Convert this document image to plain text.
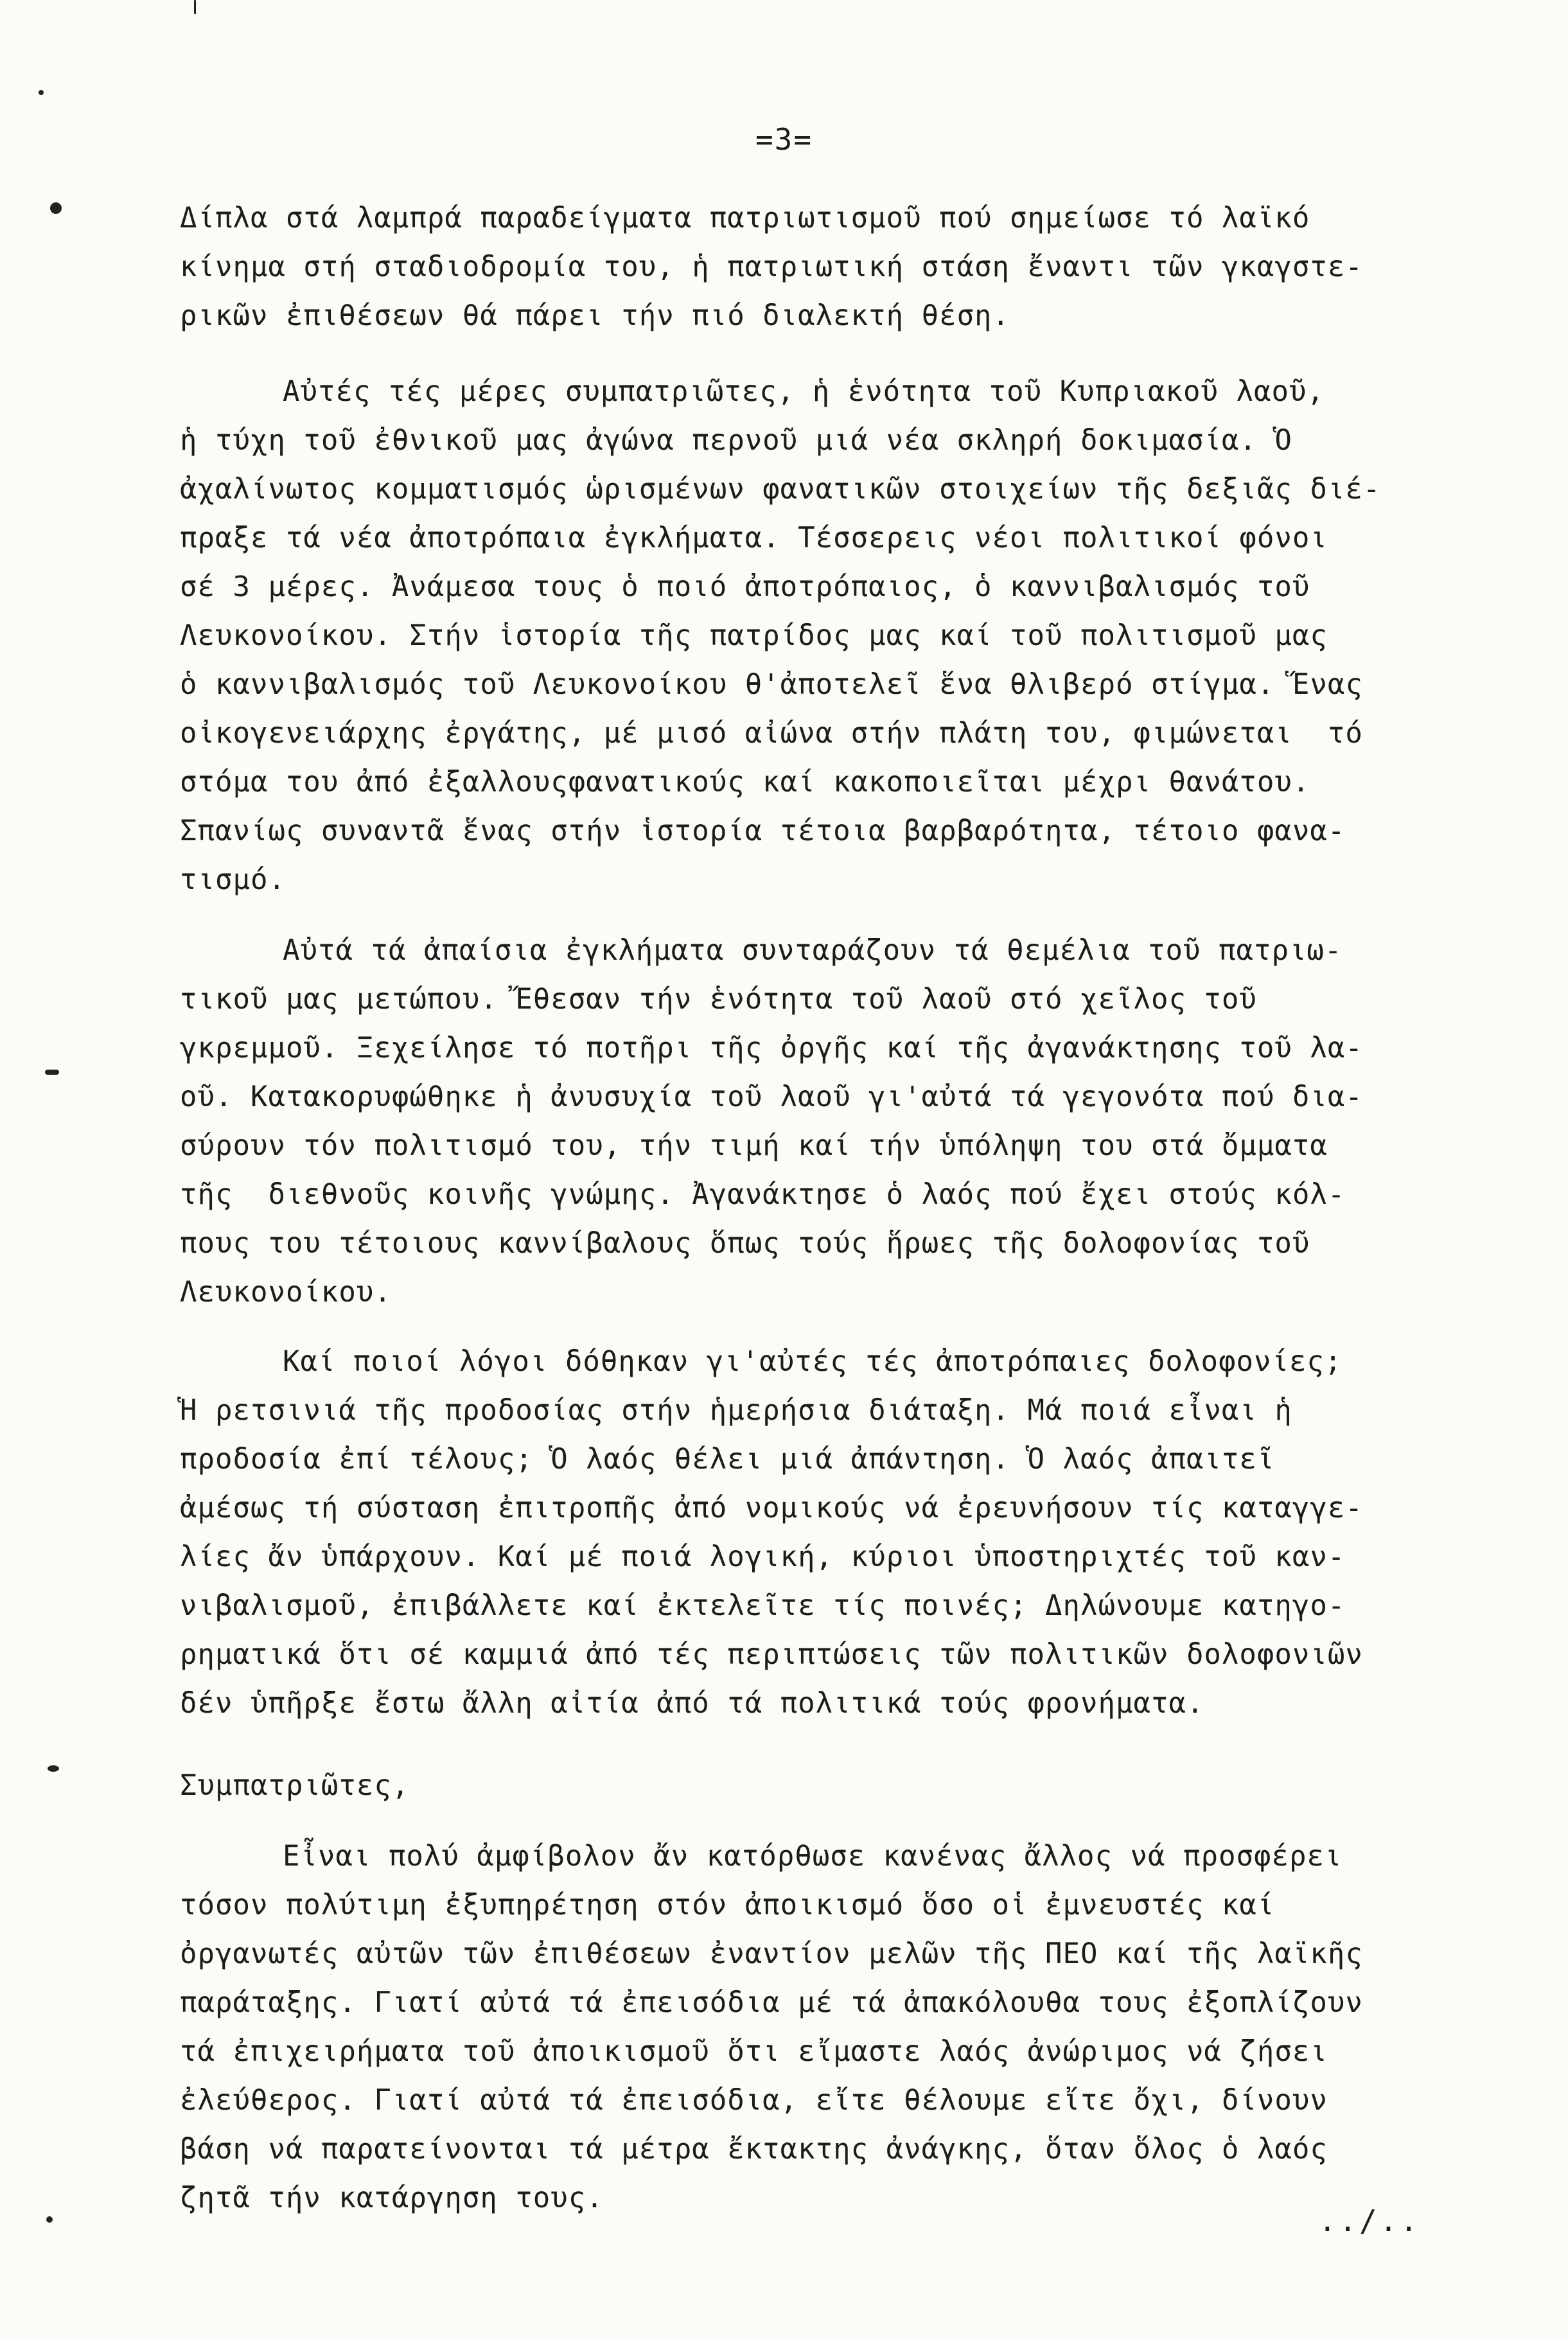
=3=
Δίπλα στά λαμπρά παραδείγματα πατριωτισμοῦ πού σημείωσε τό λαϊκό
κίνημα στή σταδιοδρομία του, ἡ πατριωτική στάση ἔναντι τῶν γκαγστε-
ρικῶν ἐπιθέσεων θά πάρει τήν πιό διαλεκτή θέση.
Αὐτές τές μέρες συμπατριῶτες, ἡ ἑνότητα τοῦ Κυπριακοῦ λαοῦ,
ἡ τύχη τοῦ ἐθνικοῦ μας ἀγώνα περνοῦ μιά νέα σκληρή δοκιμασία. Ὁ
ἀχαλίνωτος κομματισμός ὡρισμένων φανατικῶν στοιχείων τῆς δεξιᾶς διέ-
πραξε τά νέα ἀποτρόπαια ἐγκλήματα. Τέσσερεις νέοι πολιτικοί φόνοι
σέ 3 μέρες. Ἀνάμεσα τους ὁ ποιό ἀποτρόπαιος, ὁ καννιβαλισμός τοῦ
Λευκονοίκου. Στήν ἱστορία τῆς πατρίδος μας καί τοῦ πολιτισμοῦ μας
ὁ καννιβαλισμός τοῦ Λευκονοίκου θ'ἀποτελεῖ ἕνα θλιβερό στίγμα. Ἕνας
οἰκογενειάρχης ἐργάτης, μέ μισό αἰώνα στήν πλάτη του, φιμώνεται  τό
στόμα του ἀπό ἐξαλλουςφανατικούς καί κακοποιεῖται μέχρι θανάτου.
Σπανίως συναντᾶ ἕνας στήν ἱστορία τέτοια βαρβαρότητα, τέτοιο φανα-
τισμό.
Αὐτά τά ἀπαίσια ἐγκλήματα συνταράζουν τά θεμέλια τοῦ πατριω-
τικοῦ μας μετώπου. Ἔθεσαν τήν ἑνότητα τοῦ λαοῦ στό χεῖλος τοῦ
γκρεμμοῦ. Ξεχείλησε τό ποτῆρι τῆς ὀργῆς καί τῆς ἀγανάκτησης τοῦ λα-
οῦ. Κατακορυφώθηκε ἡ ἀνυσυχία τοῦ λαοῦ γι'αὐτά τά γεγονότα πού δια-
σύρουν τόν πολιτισμό του, τήν τιμή καί τήν ὑπόληψη του στά ὄμματα
τῆς  διεθνοῦς κοινῆς γνώμης. Ἀγανάκτησε ὁ λαός πού ἔχει στούς κόλ-
πους του τέτοιους καννίβαλους ὅπως τούς ἥρωες τῆς δολοφονίας τοῦ
Λευκονοίκου.
Καί ποιοί λόγοι δόθηκαν γι'αὐτές τές ἀποτρόπαιες δολοφονίες;
Ἡ ρετσινιά τῆς προδοσίας στήν ἡμερήσια διάταξη. Μά ποιά εἶναι ἡ
προδοσία ἐπί τέλους; Ὁ λαός θέλει μιά ἀπάντηση. Ὁ λαός ἀπαιτεῖ
ἀμέσως τή σύσταση ἐπιτροπῆς ἀπό νομικούς νά ἐρευνήσουν τίς καταγγε-
λίες ἄν ὑπάρχουν. Καί μέ ποιά λογική, κύριοι ὑποστηριχτές τοῦ καν-
νιβαλισμοῦ, ἐπιβάλλετε καί ἐκτελεῖτε τίς ποινές; Δηλώνουμε κατηγο-
ρηματικά ὅτι σέ καμμιά ἀπό τές περιπτώσεις τῶν πολιτικῶν δολοφονιῶν
δέν ὑπῆρξε ἔστω ἄλλη αἰτία ἀπό τά πολιτικά τούς φρονήματα.
Συμπατριῶτες,
Εἶναι πολύ ἀμφίβολον ἄν κατόρθωσε κανένας ἄλλος νά προσφέρει
τόσον πολύτιμη ἐξυπηρέτηση στόν ἀποικισμό ὅσο οἱ ἐμνευστές καί
ὀργανωτές αὐτῶν τῶν ἐπιθέσεων ἐναντίον μελῶν τῆς ΠΕΟ καί τῆς λαϊκῆς
παράταξης. Γιατί αὐτά τά ἐπεισόδια μέ τά ἀπακόλουθα τους ἐξοπλίζουν
τά ἐπιχειρήματα τοῦ ἀποικισμοῦ ὅτι εἴμαστε λαός ἀνώριμος νά ζήσει
ἐλεύθερος. Γιατί αὐτά τά ἐπεισόδια, εἴτε θέλουμε εἴτε ὄχι, δίνουν
βάση νά παρατείνονται τά μέτρα ἔκτακτης ἀνάγκης, ὅταν ὅλος ὁ λαός
ζητᾶ τήν κατάργηση τους.
../..
